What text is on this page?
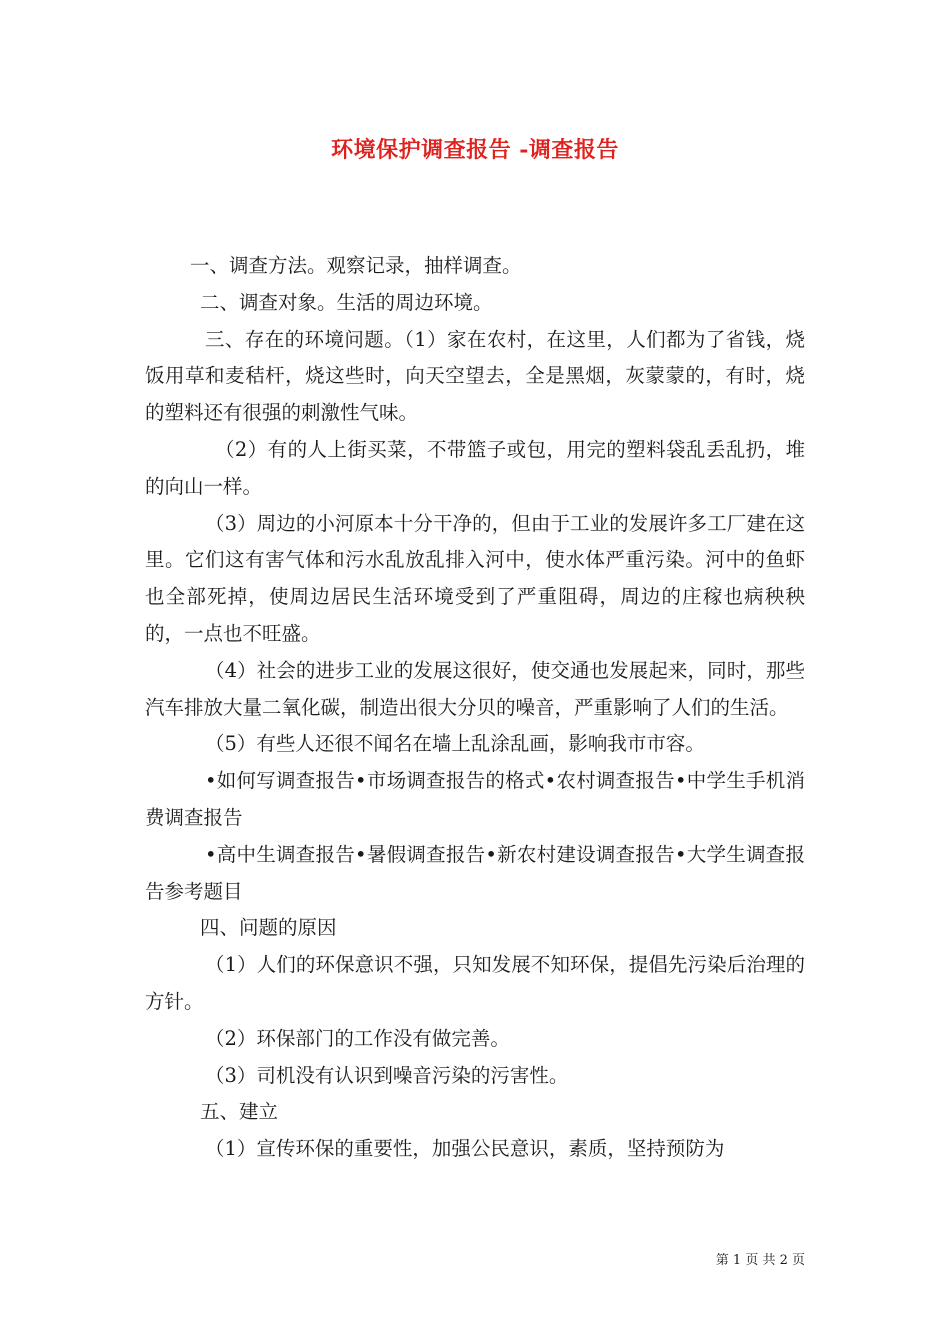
环境保护调查报告 -调查报告

一、调查方法。观察记录，抽样调查。

二、调查对象。生活的周边环境。

三、存在的环境问题。（1）家在农村，在这里，人们都为了省钱，烧饭用草和麦秸杆，烧这些时，向天空望去，全是黑烟，灰蒙蒙的，有时，烧的塑料还有很强的刺激性气味。

（2）有的人上街买菜，不带篮子或包，用完的塑料袋乱丢乱扔，堆的向山一样。

（3）周边的小河原本十分干净的，但由于工业的发展许多工厂建在这里。它们这有害气体和污水乱放乱排入河中，使水体严重污染。河中的鱼虾也全部死掉，使周边居民生活环境受到了严重阻碍，周边的庄稼也病秧秧的，一点也不旺盛。

（4）社会的进步工业的发展这很好，使交通也发展起来，同时，那些汽车排放大量二氧化碳，制造出很大分贝的噪音，严重影响了人们的生活。

（5）有些人还很不闻名在墙上乱涂乱画，影响我市市容。

•如何写调查报告•市场调查报告的格式•农村调查报告•中学生手机消费调查报告

•高中生调查报告•暑假调查报告•新农村建设调查报告•大学生调查报告参考题目

四、问题的原因

（1）人们的环保意识不强，只知发展不知环保，提倡先污染后治理的方针。

（2）环保部门的工作没有做完善。

（3）司机没有认识到噪音污染的污害性。

五、建立

（1）宣传环保的重要性，加强公民意识，素质，坚持预防为

第 1 页 共 2 页
